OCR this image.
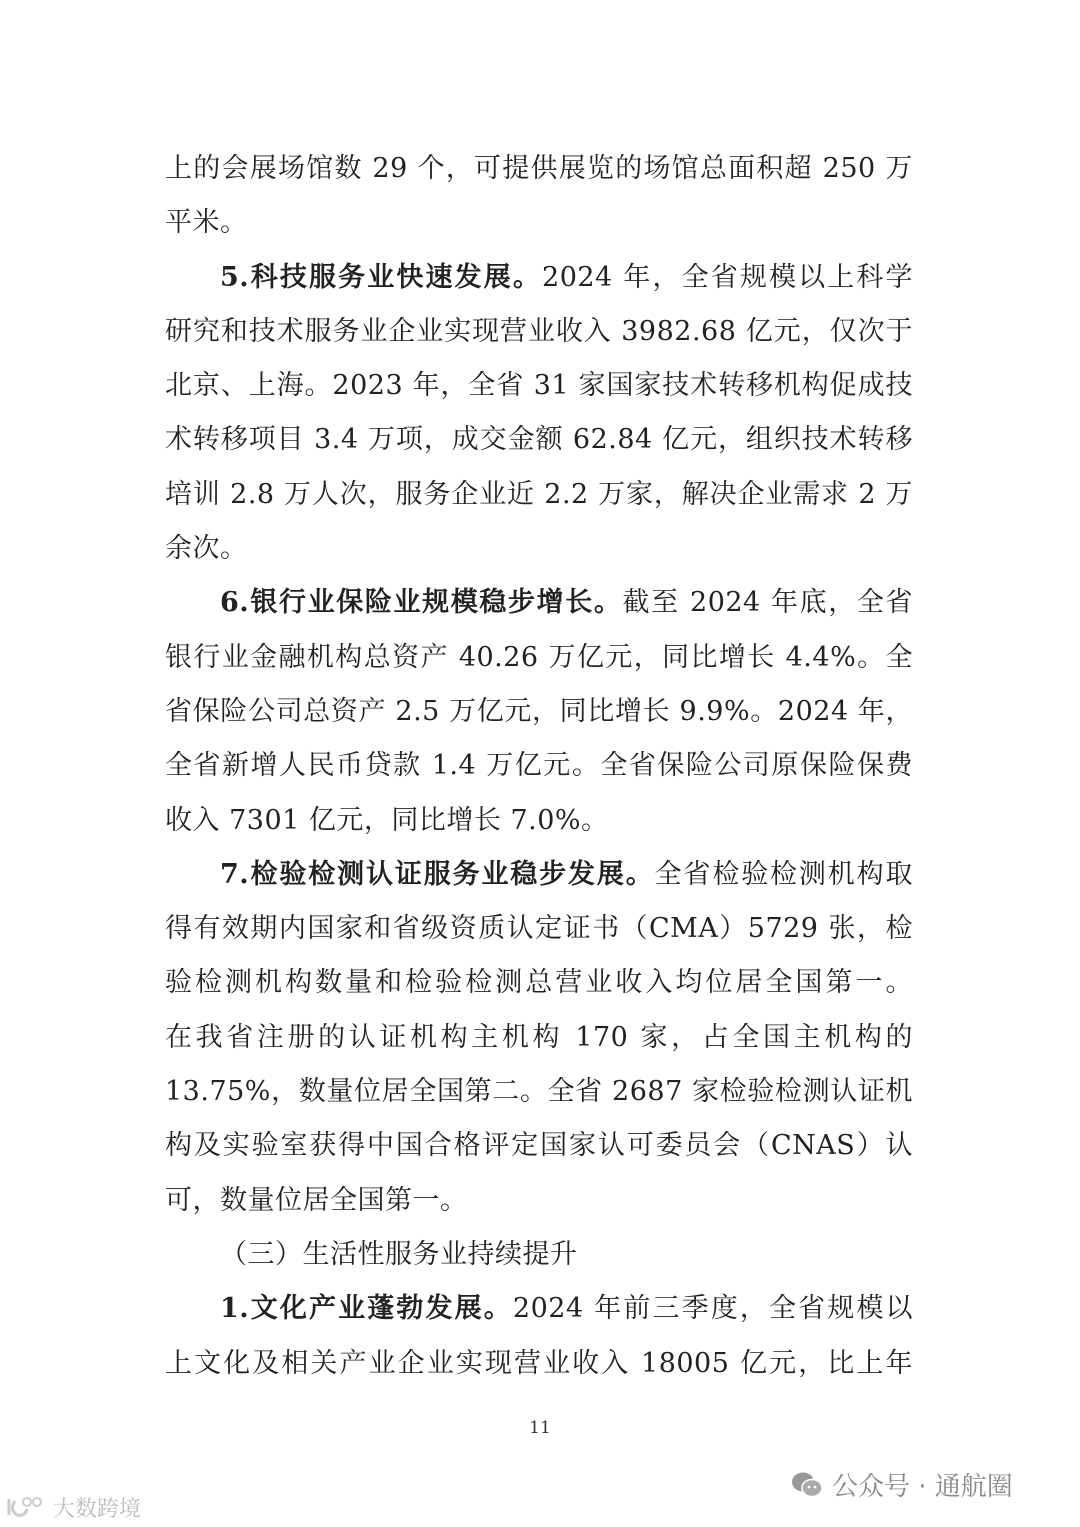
上的会展场馆数 29 个，可提供展览的场馆总面积超 250 万
平米。
5.科技服务业快速发展。2024 年，全省规模以上科学
研究和技术服务业企业实现营业收入 3982.68 亿元，仅次于
北京、上海。2023 年，全省 31 家国家技术转移机构促成技
术转移项目 3.4 万项，成交金额 62.84 亿元，组织技术转移
培训 2.8 万人次，服务企业近 2.2 万家，解决企业需求 2 万
余次。
6.银行业保险业规模稳步增长。截至 2024 年底，全省
银行业金融机构总资产 40.26 万亿元，同比增长 4.4%。全
省保险公司总资产 2.5 万亿元，同比增长 9.9%。2024 年，
全省新增人民币贷款 1.4 万亿元。全省保险公司原保险保费
收入 7301 亿元，同比增长 7.0%。
7.检验检测认证服务业稳步发展。全省检验检测机构取
得有效期内国家和省级资质认定证书（CMA）5729 张，检
验检测机构数量和检验检测总营业收入均位居全国第一。
在我省注册的认证机构主机构 170 家，占全国主机构的
13.75%，数量位居全国第二。全省 2687 家检验检测认证机
构及实验室获得中国合格评定国家认可委员会（CNAS）认
可，数量位居全国第一。
（三）生活性服务业持续提升
1.文化产业蓬勃发展。2024 年前三季度，全省规模以
上文化及相关产业企业实现营业收入 18005 亿元，比上年
11
公众号 · 通航圈
大数跨境
